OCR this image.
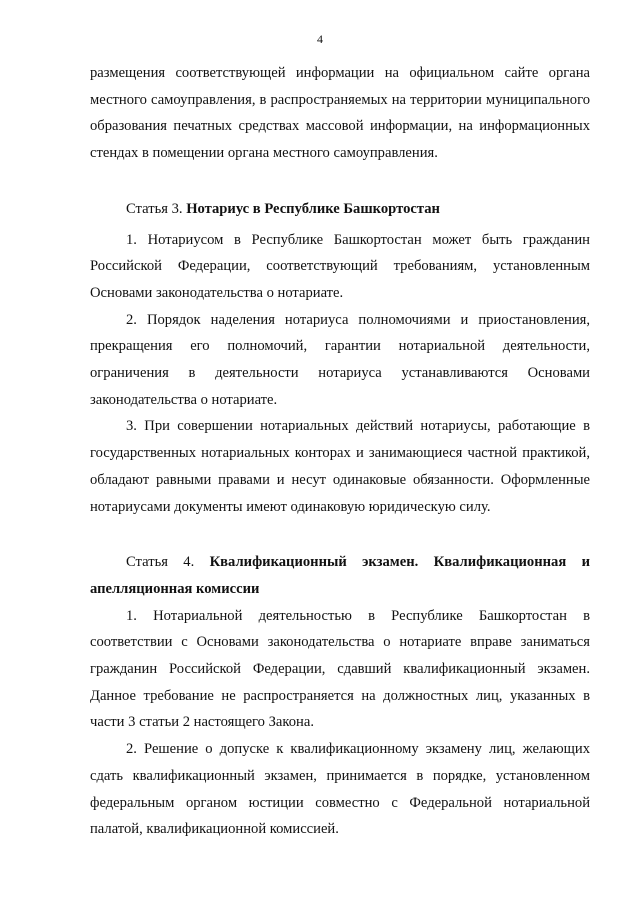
4

размещения соответствующей информации на официальном сайте органа местного самоуправления, в распространяемых на территории муниципального образования печатных средствах массовой информации, на информационных стендах в помещении органа местного самоуправления.

Статья 3. Нотариус в Республике Башкортостан

1. Нотариусом в Республике Башкортостан может быть гражданин Российской Федерации, соответствующий требованиям, установленным Основами законодательства о нотариате.

2. Порядок наделения нотариуса полномочиями и приостановления, прекращения его полномочий, гарантии нотариальной деятельности, ограничения в деятельности нотариуса устанавливаются Основами законодательства о нотариате.

3. При совершении нотариальных действий нотариусы, работающие в государственных нотариальных конторах и занимающиеся частной практикой, обладают равными правами и несут одинаковые обязанности. Оформленные нотариусами документы имеют одинаковую юридическую силу.

Статья 4. Квалификационный экзамен. Квалификационная и апелляционная комиссии

1. Нотариальной деятельностью в Республике Башкортостан в соответствии с Основами законодательства о нотариате вправе заниматься гражданин Российской Федерации, сдавший квалификационный экзамен. Данное требование не распространяется на должностных лиц, указанных в части 3 статьи 2 настоящего Закона.

2. Решение о допуске к квалификационному экзамену лиц, желающих сдать квалификационный экзамен, принимается в порядке, установленном федеральным органом юстиции совместно с Федеральной нотариальной палатой, квалификационной комиссией.
